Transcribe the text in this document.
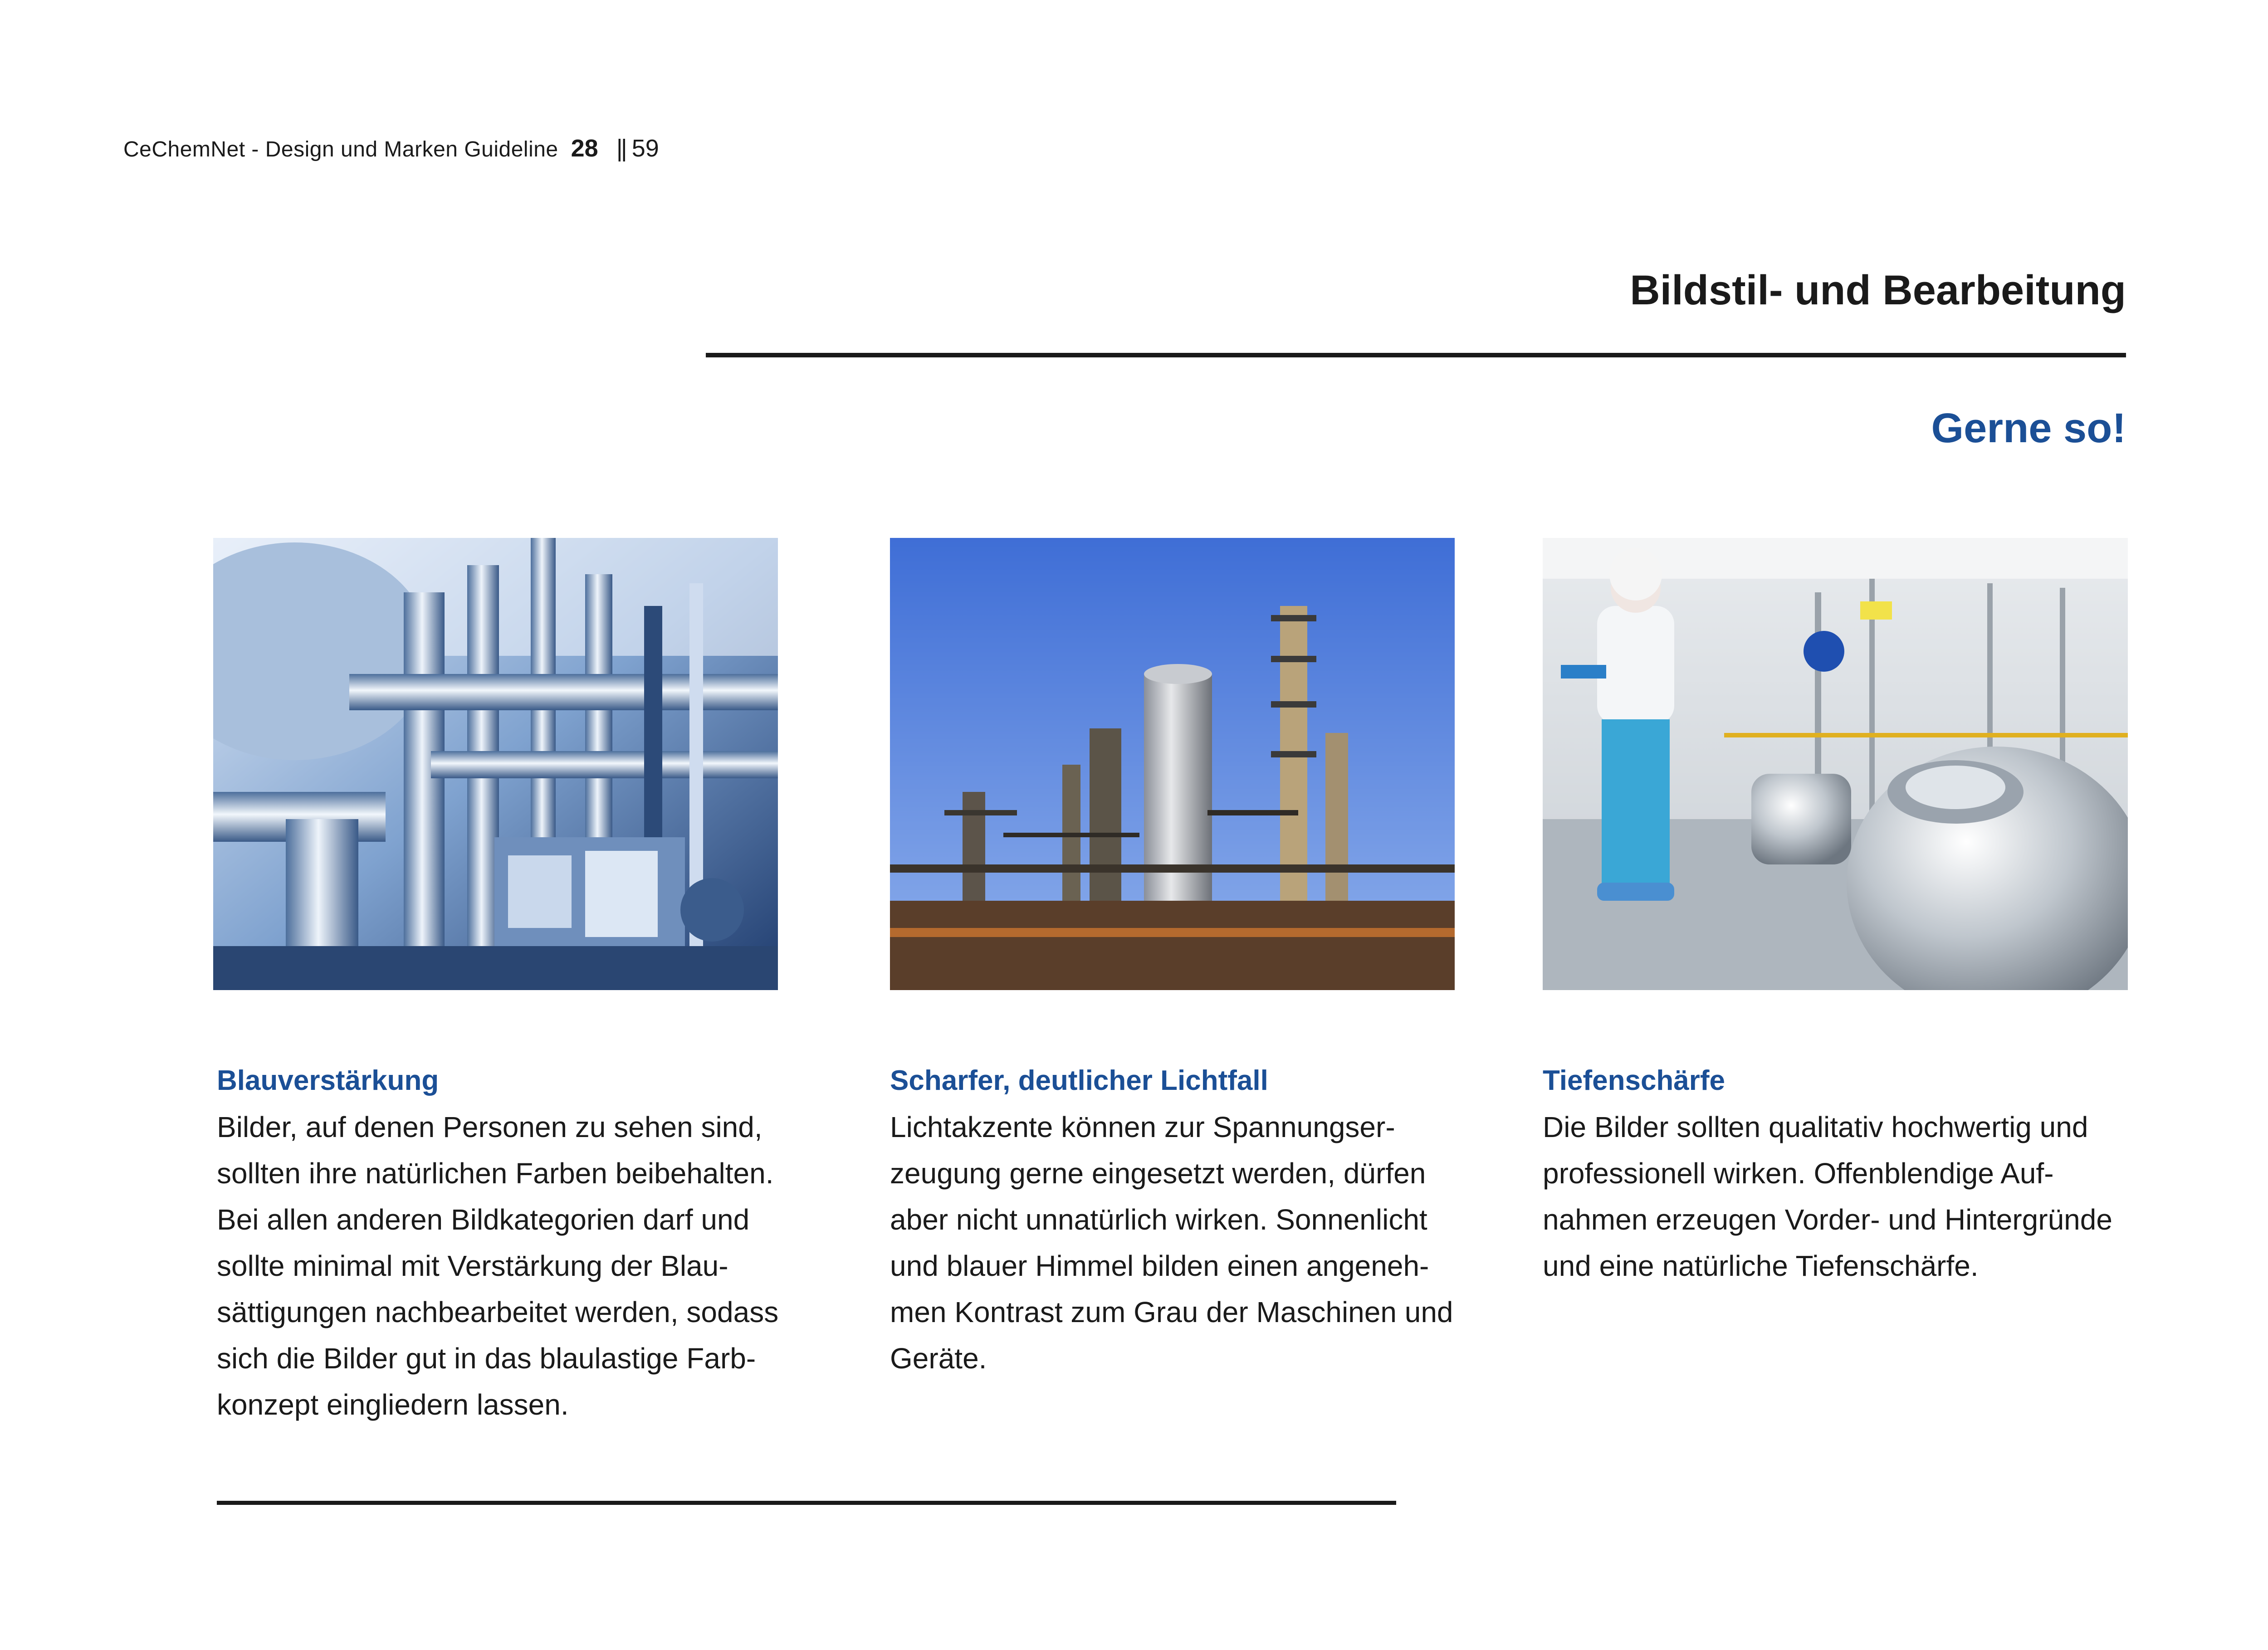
CeChemNet - Design und Marken Guideline 28 || 59
Bildstil- und Bearbeitung
Gerne so!
Blauverstärkung
Bilder, auf denen Personen zu sehen sind,
sollten ihre natürlichen Farben beibehalten.
Bei allen anderen Bildkategorien darf und
sollte minimal mit Verstärkung der Blau-
sättigungen nachbearbeitet werden, sodass
sich die Bilder gut in das blaulastige Farb-
konzept eingliedern lassen.
Scharfer, deutlicher Lichtfall
Lichtakzente können zur Spannungser-
zeugung gerne eingesetzt werden, dürfen
aber nicht unnatürlich wirken. Sonnenlicht
und blauer Himmel bilden einen angeneh-
men Kontrast zum Grau der Maschinen und
Geräte.
Tiefenschärfe
Die Bilder sollten qualitativ hochwertig und
professionell wirken. Offenblendige Auf-
nahmen erzeugen Vorder- und Hintergründe
und eine natürliche Tiefenschärfe.
